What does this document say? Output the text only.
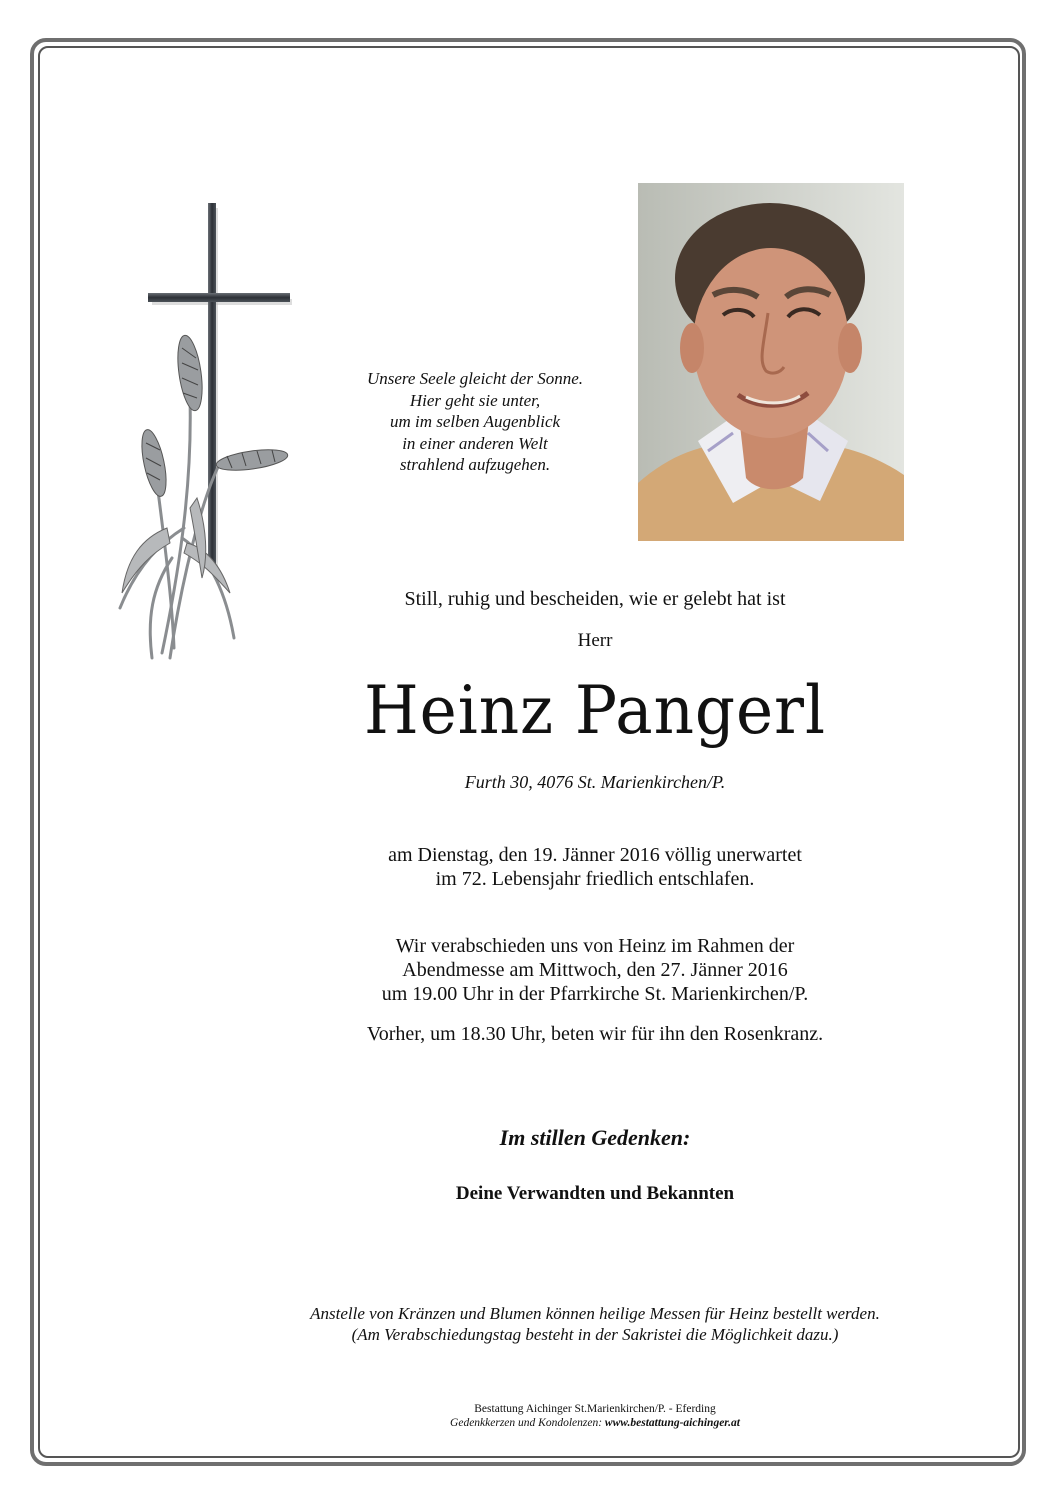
Unsere Seele gleicht der Sonne.
Hier geht sie unter,
um im selben Augenblick
in einer anderen Welt
strahlend aufzugehen.
Still, ruhig und bescheiden, wie er gelebt hat ist
Herr
Heinz Pangerl
Furth 30, 4076 St. Marienkirchen/P.
am Dienstag, den 19. Jänner 2016 völlig unerwartet
im 72. Lebensjahr friedlich entschlafen.
Wir verabschieden uns von Heinz im Rahmen der
Abendmesse am Mittwoch, den 27. Jänner 2016
um 19.00 Uhr in der Pfarrkirche St. Marienkirchen/P.
Vorher, um 18.30 Uhr, beten wir für ihn den Rosenkranz.
Im stillen Gedenken:
Deine Verwandten und Bekannten
Anstelle von Kränzen und Blumen können heilige Messen für Heinz bestellt werden.
(Am Verabschiedungstag besteht in der Sakristei die Möglichkeit dazu.)
Bestattung Aichinger St.Marienkirchen/P. - Eferding
Gedenkkerzen und Kondolenzen: www.bestattung-aichinger.at
